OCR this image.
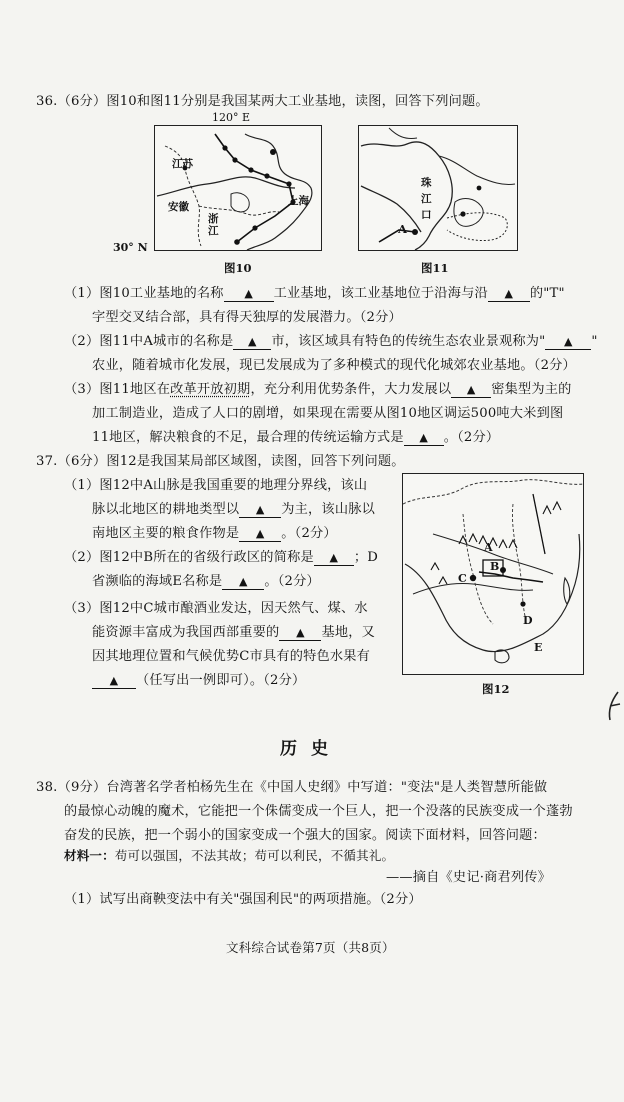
36.（6分）图10和图11分别是我国某两大工业基地，读图，回答下列问题。
120° E
30° N
江苏
安徽
浙江
上海
图10
珠
江
口
A
图11
（1）图10工业基地的名称 ▲ 工业基地，该工业基地位于沿海与沿 ▲ 的"T"
字型交叉结合部，具有得天独厚的发展潜力。（2分）
（2）图11中A城市的名称是 ▲ 市，该区域具有特色的传统生态农业景观称为" ▲ "
农业，随着城市化发展，现已发展成为了多种模式的现代化城郊农业基地。（2分）
（3）图11地区在改革开放初期，充分利用优势条件，大力发展以 ▲ 密集型为主的
加工制造业，造成了人口的剧增，如果现在需要从图10地区调运500吨大米到图
11地区，解决粮食的不足，最合理的传统运输方式是 ▲ 。（2分）
37.（6分）图12是我国某局部区域图，读图，回答下列问题。
（1）图12中A山脉是我国重要的地理分界线，该山
脉以北地区的耕地类型以 ▲ 为主，该山脉以
南地区主要的粮食作物是 ▲ 。（2分）
（2）图12中B所在的省级行政区的简称是 ▲ ；D
省濒临的海域E名称是 ▲ 。（2分）
（3）图12中C城市酿酒业发达，因天然气、煤、水
能资源丰富成为我国西部重要的 ▲ 基地，又
因其地理位置和气候优势C市具有的特色水果有
▲ （任写出一例即可）。（2分）
A
B
C
D
E
图12
历史
38.（9分）台湾著名学者柏杨先生在《中国人史纲》中写道："变法"是人类智慧所能做
的最惊心动魄的魔术，它能把一个侏儒变成一个巨人，把一个没落的民族变成一个蓬勃
奋发的民族，把一个弱小的国家变成一个强大的国家。阅读下面材料，回答问题：
材料一：苟可以强国，不法其故；苟可以利民，不循其礼。
——摘自《史记·商君列传》
（1）试写出商鞅变法中有关"强国利民"的两项措施。（2分）
文科综合试卷第7页（共8页）
